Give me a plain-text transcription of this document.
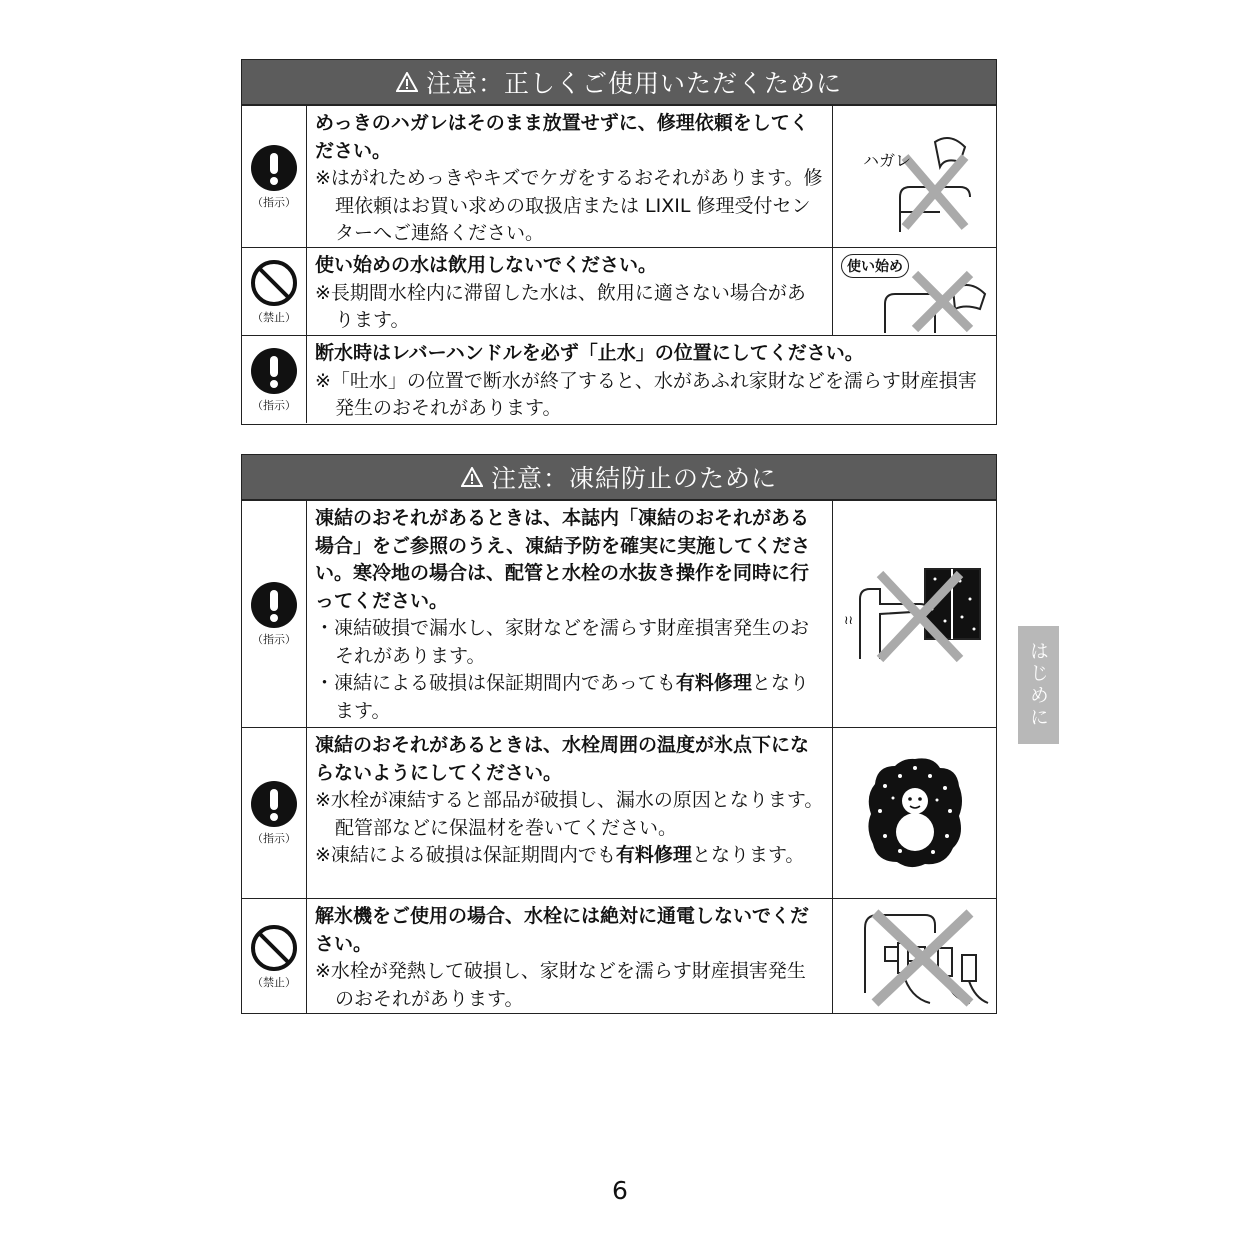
注意：正しくご使用いただくために
（指示）
めっきのハガレはそのまま放置せずに、修理依頼をしてください。
※はがれためっきやキズでケガをするおそれがあります。修理依頼はお買い求めの取扱店または LIXIL 修理受付センターへご連絡ください。
ハガレ
（禁止）
使い始めの水は飲用しないでください。
※長期間水栓内に滞留した水は、飲用に適さない場合があります。
使い始め
（指示）
断水時はレバーハンドルを必ず「止水」の位置にしてください。
※「吐水」の位置で断水が終了すると、水があふれ家財などを濡らす財産損害発生のおそれがあります。
注意：凍結防止のために
（指示）
凍結のおそれがあるときは、本誌内「凍結のおそれがある場合」をご参照のうえ、凍結予防を確実に実施してください。寒冷地の場合は、配管と水栓の水抜き操作を同時に行ってください。
・凍結破損で漏水し、家財などを濡らす財産損害発生のおそれがあります。
・凍結による破損は保証期間内であっても有料修理となります。
≀≀
（指示）
凍結のおそれがあるときは、水栓周囲の温度が氷点下にならないようにしてください。
※水栓が凍結すると部品が破損し、漏水の原因となります。配管部などに保温材を巻いてください。
※凍結による破損は保証期間内でも有料修理となります。
（禁止）
解氷機をご使用の場合、水栓には絶対に通電しないでください。
※水栓が発熱して破損し、家財などを濡らす財産損害発生のおそれがあります。
はじめに
6
